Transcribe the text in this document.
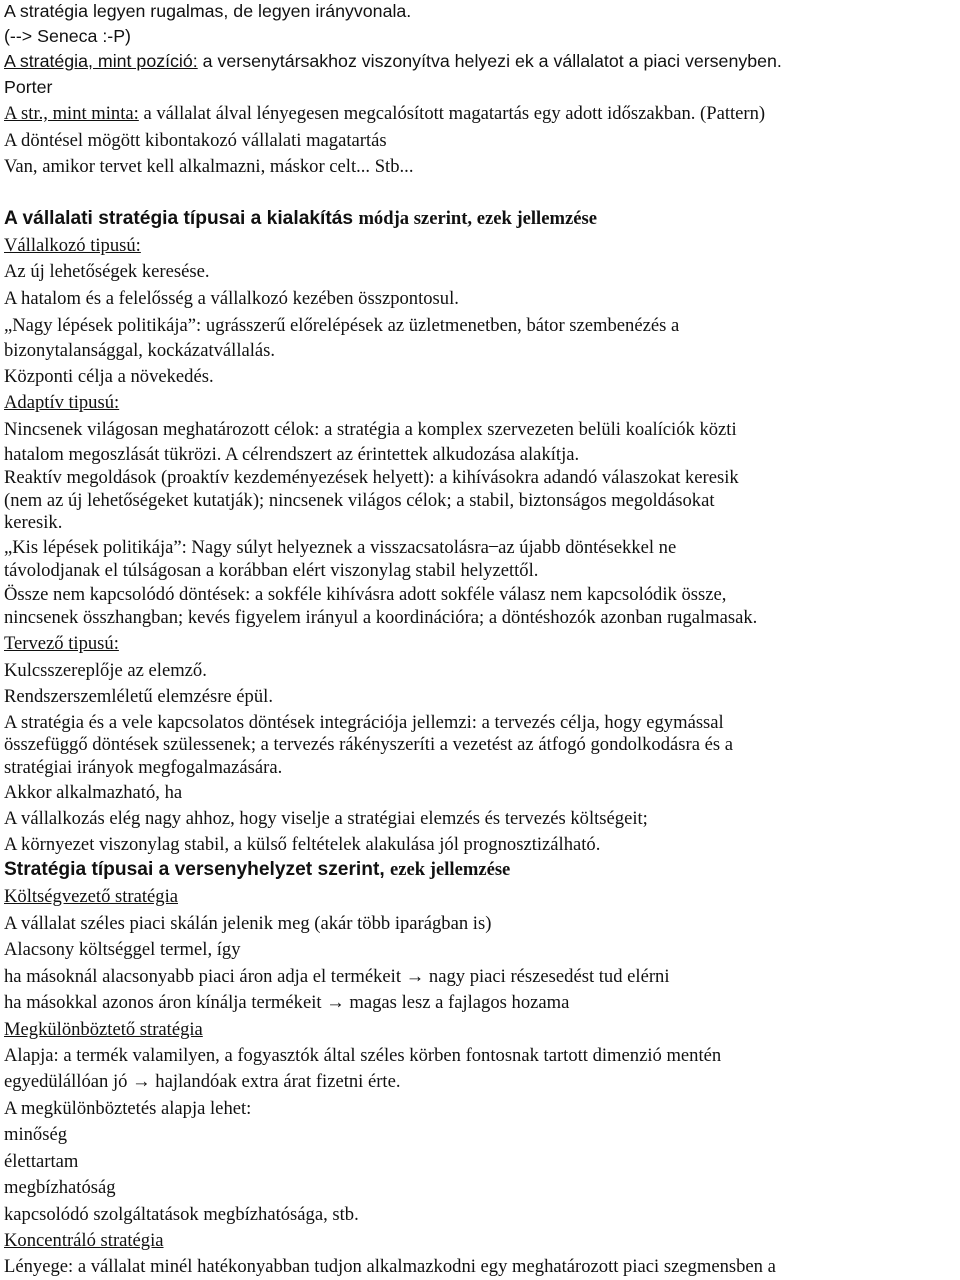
A stratégia legyen rugalmas, de legyen irányvonala.
(--> Seneca :-P)
A stratégia, mint pozíció: a versenytársakhoz viszonyítva helyezi ek a vállalatot a piaci versenyben.
Porter
A str., mint minta: a vállalat álval lényegesen megcalósított magatartás egy adott időszakban. (Pattern)
A döntésel mögött kibontakozó vállalati magatartás
Van, amikor tervet kell alkalmazni, máskor celt... Stb...
A vállalati stratégia típusai a kialakítás módja szerint, ezek jellemzése
Vállalkozó tipusú:
Az új lehetőségek keresése.
A hatalom és a felelősség a vállalkozó kezében összpontosul.
„Nagy lépések politikája”: ugrásszerű előrelépések az üzletmenetben, bátor szembenézés a
bizonytalansággal, kockázatvállalás.
Központi célja a növekedés.
Adaptív tipusú:
Nincsenek világosan meghatározott célok: a stratégia a komplex szervezeten belüli koalíciók közti
hatalom megoszlását tükrözi. A célrendszert az érintettek alkudozása alakítja.
Reaktív megoldások (proaktív kezdeményezések helyett): a kihívásokra adandó válaszokat keresik
(nem az új lehetőségeket kutatják); nincsenek világos célok; a stabil, biztonságos megoldásokat
keresik.
„Kis lépések politikája”: Nagy súlyt helyeznek a visszacsatolásra ̶ az újabb döntésekkel ne
távolodjanak el túlságosan a korábban elért viszonylag stabil helyzettől.
Össze nem kapcsolódó döntések: a sokféle kihívásra adott sokféle válasz nem kapcsolódik össze,
nincsenek összhangban; kevés figyelem irányul a koordinációra; a döntéshozók azonban rugalmasak.
Tervező tipusú:
Kulcsszereplője az elemző.
Rendszerszemléletű elemzésre épül.
A stratégia és a vele kapcsolatos döntések integrációja jellemzi: a tervezés célja, hogy egymással
összefüggő döntések szülessenek; a tervezés rákényszeríti a vezetést az átfogó gondolkodásra és a
stratégiai irányok megfogalmazására.
Akkor alkalmazható, ha
A vállalkozás elég nagy ahhoz, hogy viselje a stratégiai elemzés és tervezés költségeit;
A környezet viszonylag stabil, a külső feltételek alakulása jól prognosztizálható.
Stratégia típusai a versenyhelyzet szerint, ezek jellemzése
Költségvezető stratégia
A vállalat széles piaci skálán jelenik meg (akár több iparágban is)
Alacsony költséggel termel, így
ha másoknál alacsonyabb piaci áron adja el termékeit → nagy piaci részesedést tud elérni
ha másokkal azonos áron kínálja termékeit → magas lesz a fajlagos hozama
Megkülönböztető stratégia
Alapja: a termék valamilyen, a fogyasztók által széles körben fontosnak tartott dimenzió mentén
egyedülállóan jó → hajlandóak extra árat fizetni érte.
A megkülönböztetés alapja lehet:
minőség
élettartam
megbízhatóság
kapcsolódó szolgáltatások megbízhatósága, stb.
Koncentráló stratégia
Lényege: a vállalat minél hatékonyabban tudjon alkalmazkodni egy meghatározott piaci szegmensben a
